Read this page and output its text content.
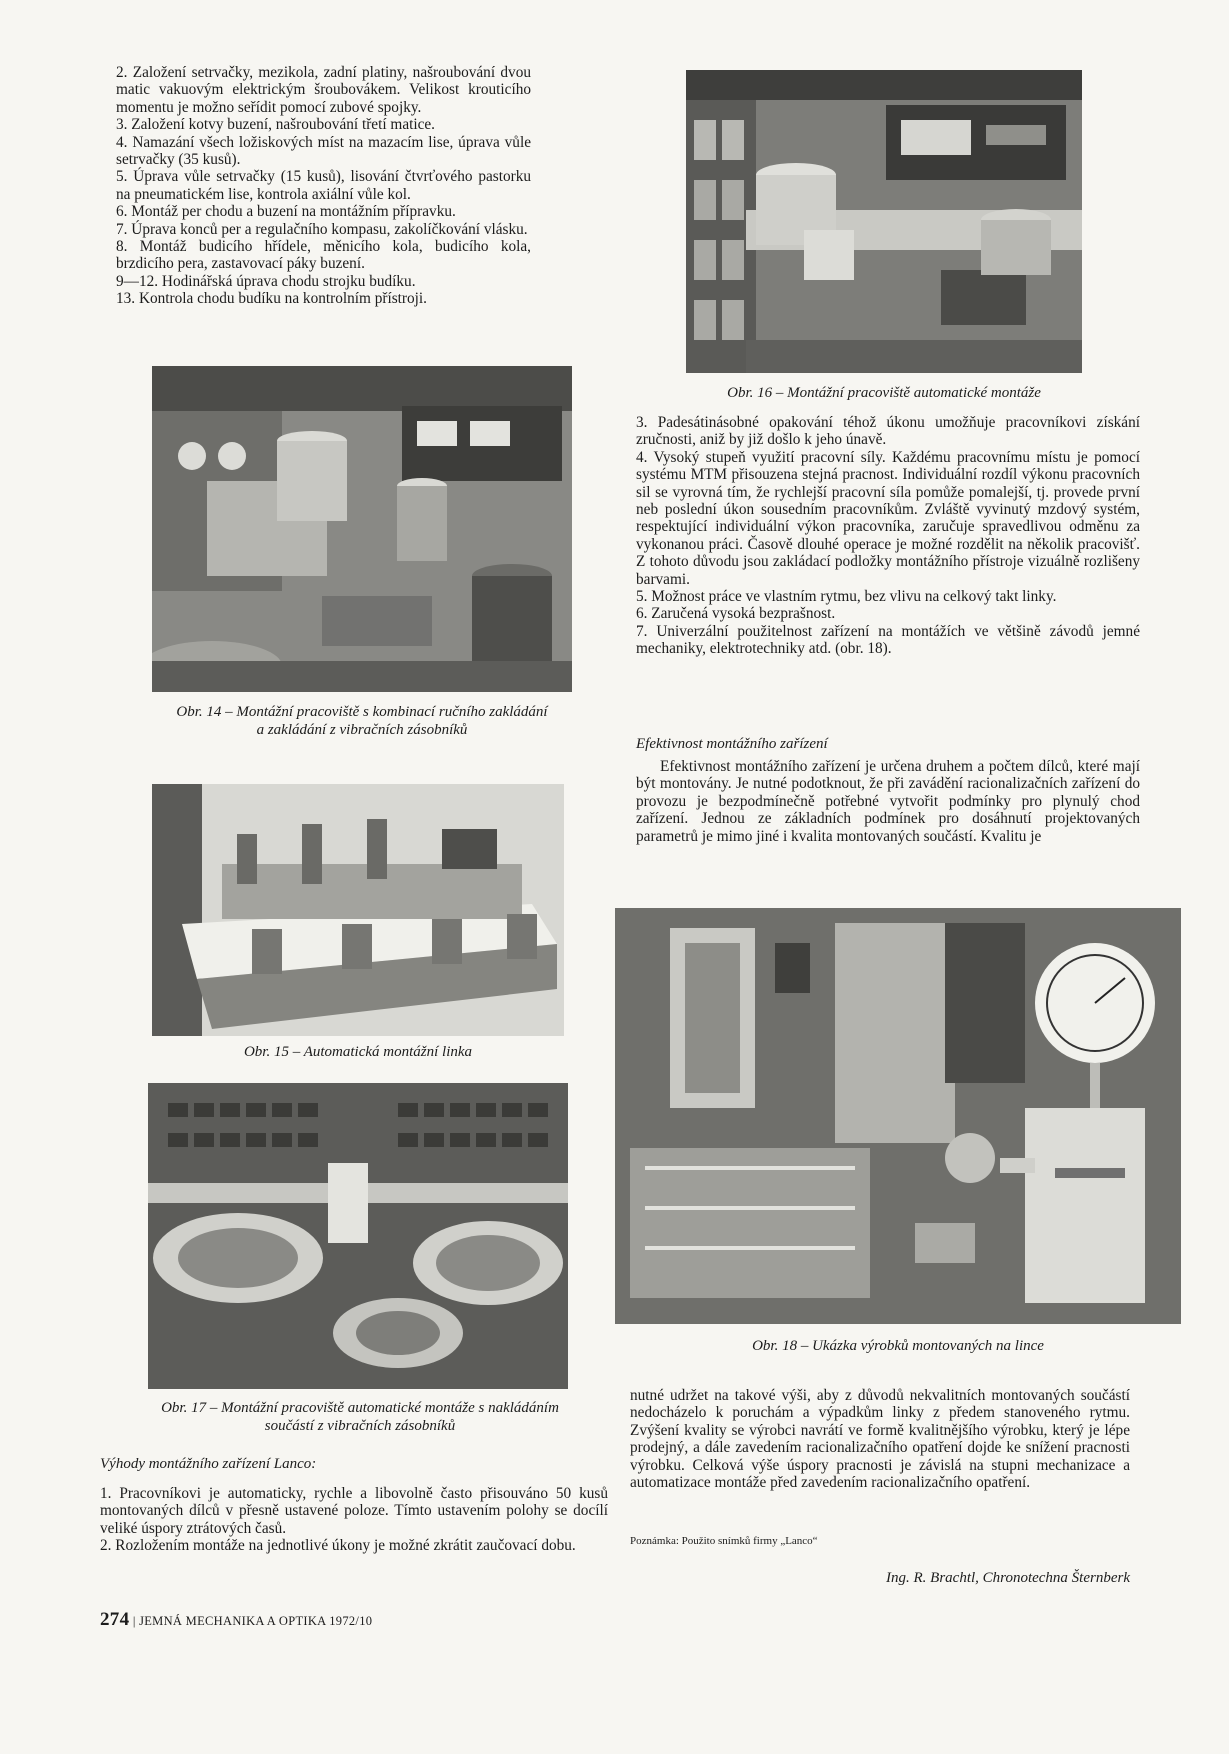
2. Založení setrvačky, mezikola, zadní platiny, našroubování dvou matic vakuovým elektrickým šroubovákem. Velikost krouticího momentu je možno seřídit pomocí zubové spojky.

3. Založení kotvy buzení, našroubování třetí matice.

4. Namazání všech ložiskových míst na mazacím lise, úprava vůle setrvačky (35 kusů).

5. Úprava vůle setrvačky (15 kusů), lisování čtvrťového pastorku na pneumatickém lise, kontrola axiální vůle kol.

6. Montáž per chodu a buzení na montážním přípravku.

7. Úprava konců per a regulačního kompasu, zakolíčkování vlásku.

8. Montáž budicího hřídele, měnicího kola, budicího kola, brzdicího pera, zastavovací páky buzení.

9—12. Hodinářská úprava chodu strojku budíku.

13. Kontrola chodu budíku na kontrolním přístroji.

Obr. 14 – Montážní pracoviště s kombinací ručního zakládání
a zakládání z vibračních zásobníků

3. Padesátinásobné opakování téhož úkonu umožňuje pracovníkovi získání zručnosti, aniž by již došlo k jeho únavě.

4. Vysoký stupeň využití pracovní síly. Každému pracovnímu místu je pomocí systému MTM přisouzena stejná pracnost. Individuální rozdíl výkonu pracovních sil se vyrovná tím, že rychlejší pracovní síla pomůže pomalejší, tj. provede první neb poslední úkon sousedním pracovníkům. Zvláště vyvinutý mzdový systém, respektující individuální výkon pracovníka, zaručuje spravedlivou odměnu za vykonanou práci. Časově dlouhé operace je možné rozdělit na několik pracovišť. Z tohoto důvodu jsou zakládací podložky montážního přístroje vizuálně rozlišeny barvami.

5. Možnost práce ve vlastním rytmu, bez vlivu na celkový takt linky.

6. Zaručená vysoká bezprašnost.

7. Univerzální použitelnost zařízení na montážích ve většině závodů jemné mechaniky, elektrotechniky atd. (obr. 18).

Obr. 16 – Montážní pracoviště automatické montáže
Efektivnost montážního zařízení

Efektivnost montážního zařízení je určena druhem a počtem dílců, které mají být montovány. Je nutné podotknout, že při zavádění racionalizačních zařízení do provozu je bezpodmínečně potřebné vytvořit podmínky pro plynulý chod zařízení. Jednou ze základních podmínek pro dosáhnutí projektovaných parametrů je mimo jiné i kvalita montovaných součástí. Kvalitu je

Obr. 15 – Automatická montážní linka
Obr. 18 – Ukázka výrobků montovaných na lince
Obr. 17 – Montážní pracoviště automatické montáže s nakládáním
součástí z vibračních zásobníků
Výhody montážního zařízení Lanco:

1. Pracovníkovi je automaticky, rychle a libovolně často přisouváno 50 kusů montovaných dílců v přesně ustavené poloze. Tímto ustavením polohy se docílí veliké úspory ztrátových časů.

2. Rozložením montáže na jednotlivé úkony je možné zkrátit zaučovací dobu.

nutné udržet na takové výši, aby z důvodů nekvalitních montovaných součástí nedocházelo k poruchám a výpadkům linky z předem stanoveného rytmu. Zvýšení kvality se výrobci navrátí ve formě kvalitnějšího výrobku, který je lépe prodejný, a dále zavedením racionalizačního opatření dojde ke snížení pracnosti výrobku. Celková výše úspory pracnosti je závislá na stupni mechanizace a automatizace montáže před zavedením racionalizačního opatření.

Poznámka: Použito snímků firmy „Lanco“
Ing. R. Brachtl, Chronotechna Šternberk
274 | JEMNÁ MECHANIKA A OPTIKA 1972/10
